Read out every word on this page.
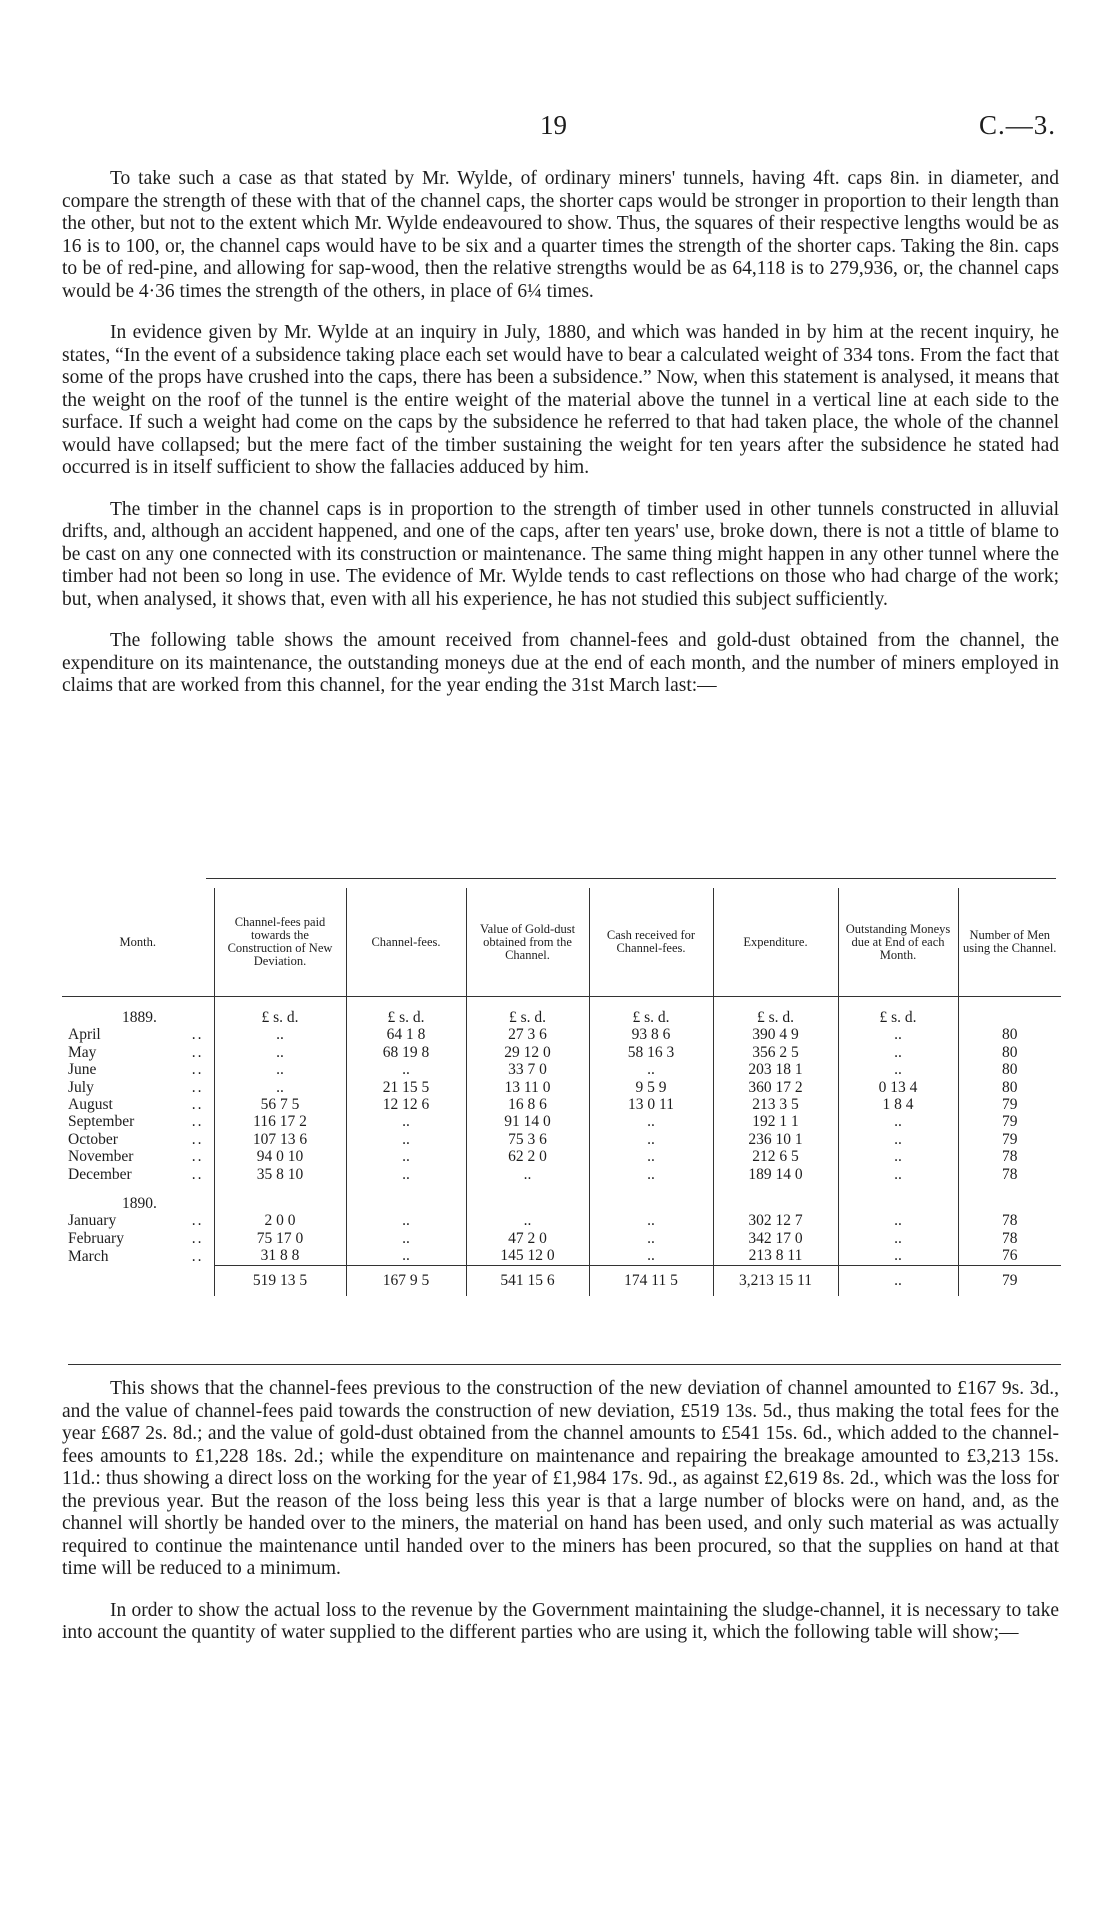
19	C.—3.

To take such a case as that stated by Mr. Wylde, of ordinary miners' tunnels, having 4ft. caps 8in. in diameter, and compare the strength of these with that of the channel caps, the shorter caps would be stronger in proportion to their length than the other, but not to the extent which Mr. Wylde endeavoured to show. Thus, the squares of their respective lengths would be as 16 is to 100, or, the channel caps would have to be six and a quarter times the strength of the shorter caps. Taking the 8in. caps to be of red-pine, and allowing for sap-wood, then the relative strengths would be as 64,118 is to 279,936, or, the channel caps would be 4·36 times the strength of the others, in place of 6¼ times.

In evidence given by Mr. Wylde at an inquiry in July, 1880, and which was handed in by him at the recent inquiry, he states, “In the event of a subsidence taking place each set would have to bear a calculated weight of 334 tons. From the fact that some of the props have crushed into the caps, there has been a subsidence.” Now, when this statement is analysed, it means that the weight on the roof of the tunnel is the entire weight of the material above the tunnel in a vertical line at each side to the surface. If such a weight had come on the caps by the subsidence he referred to that had taken place, the whole of the channel would have collapsed; but the mere fact of the timber sustaining the weight for ten years after the subsidence he stated had occurred is in itself sufficient to show the fallacies adduced by him.

The timber in the channel caps is in proportion to the strength of timber used in other tunnels constructed in alluvial drifts, and, although an accident happened, and one of the caps, after ten years' use, broke down, there is not a tittle of blame to be cast on any one connected with its construction or maintenance. The same thing might happen in any other tunnel where the timber had not been so long in use. The evidence of Mr. Wylde tends to cast reflections on those who had charge of the work; but, when analysed, it shows that, even with all his experience, he has not studied this subject sufficiently.

The following table shows the amount received from channel-fees and gold-dust obtained from the channel, the expenditure on its maintenance, the outstanding moneys due at the end of each month, and the number of miners employed in claims that are worked from this channel, for the year ending the 31st March last:—

Month.	Channel-fees paid towards the Construction of New Deviation.	Channel-fees.	Value of Gold-dust obtained from the Channel.	Cash received for Channel-fees.	Expenditure.	Outstanding Moneys due at End of each Month.	Number of Men using the Channel.

1889.	£ s. d.	£ s. d.	£ s. d.	£ s. d.	£ s. d.	£ s. d.	
April ..	..	64 1 8	27 3 6	93 8 6	390 4 9	..	80
May ..	..	68 19 8	29 12 0	58 16 3	356 2 5	..	80
June ..	..	..	33 7 0	..	203 18 1	..	80
July ..	..	21 15 5	13 11 0	9 5 9	360 17 2	0 13 4	80
August ..	56 7 5	12 12 6	16 8 6	13 0 11	213 3 5	1 8 4	79
September ..	116 17 2	..	91 14 0	..	192 1 1	..	79
October ..	107 13 6	..	75 3 6	..	236 10 1	..	79
November ..	94 0 10	..	62 2 0	..	212 6 5	..	78
December ..	35 8 10	..	..	..	189 14 0	..	78

1890.							
January ..	2 0 0	..	..	..	302 12 7	..	78
February ..	75 17 0	..	47 2 0	..	342 17 0	..	78
March ..	31 8 8	..	145 12 0	..	213 8 11	..	76
	519 13 5	167 9 5	541 15 6	174 11 5	3,213 15 11	..	79

This shows that the channel-fees previous to the construction of the new deviation of channel amounted to £167 9s. 3d., and the value of channel-fees paid towards the construction of new deviation, £519 13s. 5d., thus making the total fees for the year £687 2s. 8d.; and the value of gold-dust obtained from the channel amounts to £541 15s. 6d., which added to the channel-fees amounts to £1,228 18s. 2d.; while the expenditure on maintenance and repairing the breakage amounted to £3,213 15s. 11d.: thus showing a direct loss on the working for the year of £1,984 17s. 9d., as against £2,619 8s. 2d., which was the loss for the previous year. But the reason of the loss being less this year is that a large number of blocks were on hand, and, as the channel will shortly be handed over to the miners, the material on hand has been used, and only such material as was actually required to continue the maintenance until handed over to the miners has been procured, so that the supplies on hand at that time will be reduced to a minimum.

In order to show the actual loss to the revenue by the Government maintaining the sludge-channel, it is necessary to take into account the quantity of water supplied to the different parties who are using it, which the following table will show;—
